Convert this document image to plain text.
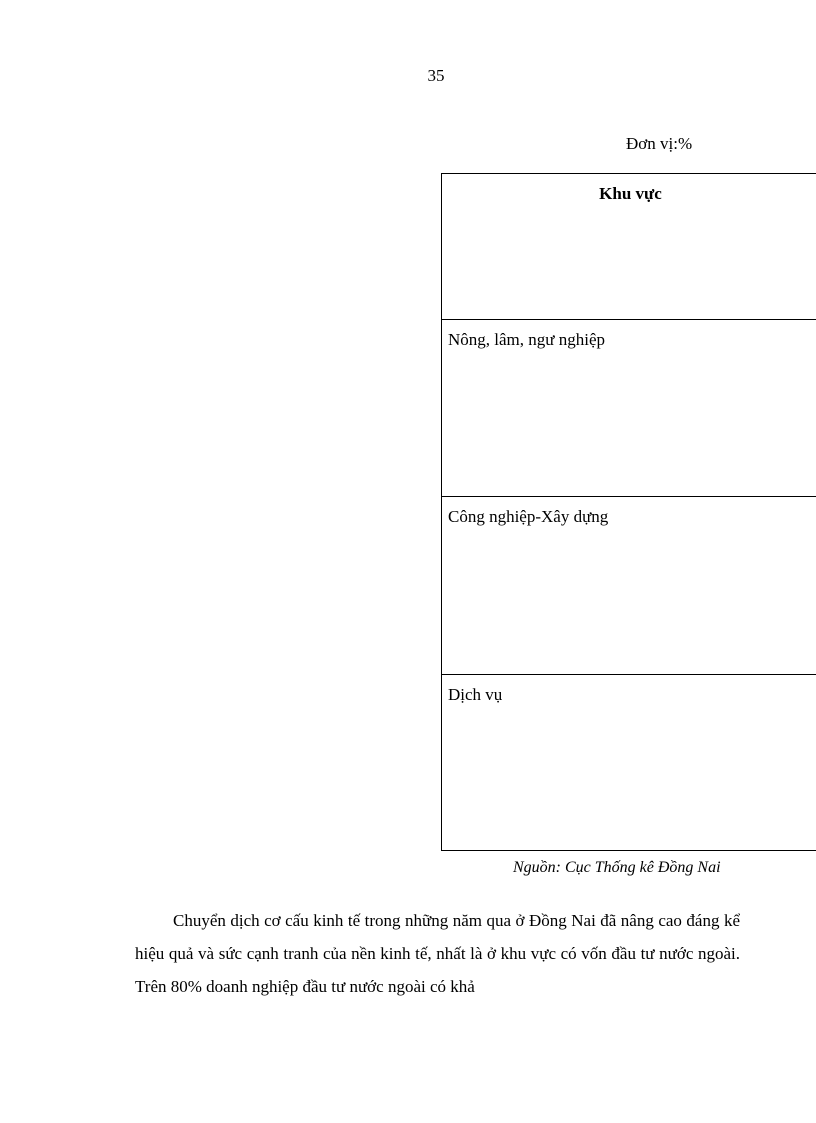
35
Đơn vị:%
Khu vực
Nông, lâm, ngư nghiệp
Công nghiệp-Xây dựng
Dịch vụ
Nguồn: Cục Thống kê Đồng Nai
Chuyển dịch cơ cấu kinh tế trong những năm qua ở Đồng Nai đã nâng cao đáng kể hiệu quả và sức cạnh tranh của nền kinh tế, nhất là ở khu vực có vốn đầu tư nước ngoài. Trên 80% doanh nghiệp đầu tư nước ngoài có khả
